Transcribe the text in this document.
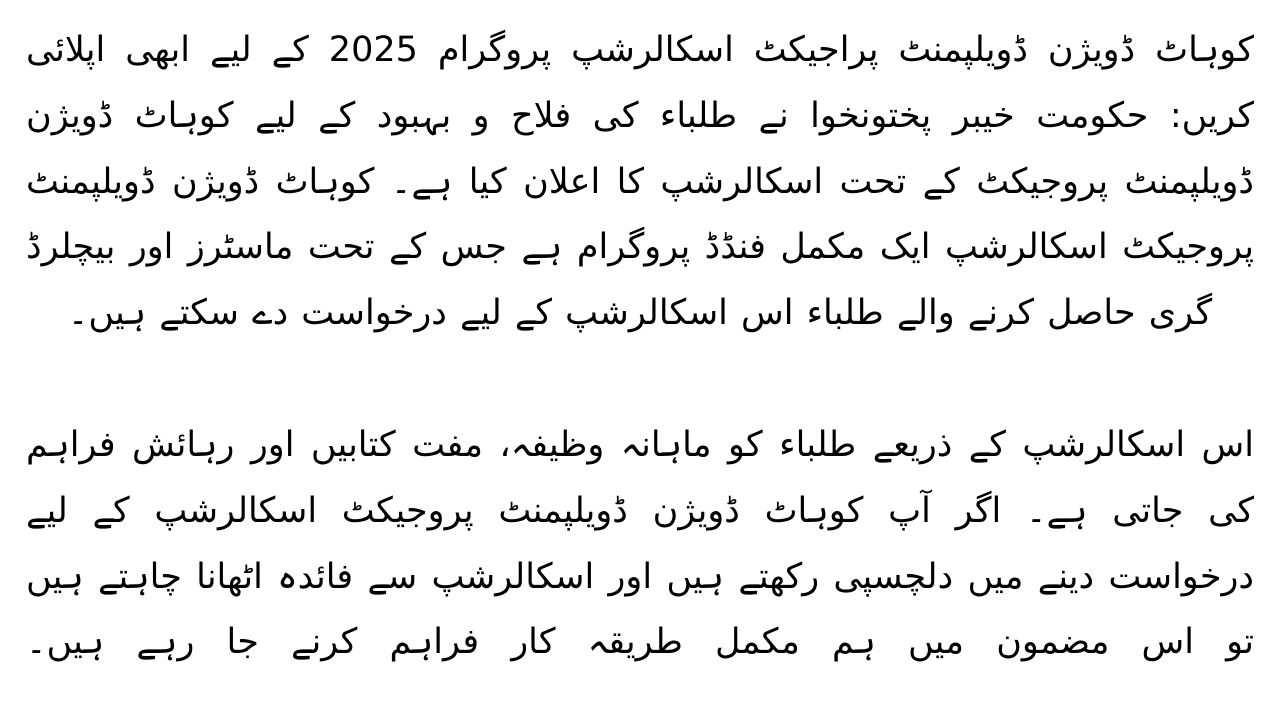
کوہاٹ ڈویژن ڈویلپمنٹ پراجیکٹ اسکالرشپ پروگرام 2025 کے لیے ابھی اپلائی کریں: حکومت خیبر پختونخوا نے طلباء کی فلاح و بہبود کے لیے کوہاٹ ڈویژن ڈویلپمنٹ پروجیکٹ کے تحت اسکالرشپ کا اعلان کیا ہے۔ کوہاٹ ڈویژن ڈویلپمنٹ پروجیکٹ اسکالرشپ ایک مکمل فنڈڈ پروگرام ہے جس کے تحت ماسٹرز اور بیچلرڈ گری حاصل کرنے والے طلباء اس اسکالرشپ کے لیے درخواست دے سکتے ہیں۔

اس اسکالرشپ کے ذریعے طلباء کو ماہانہ وظیفہ، مفت کتابیں اور رہائش فراہم کی جاتی ہے۔ اگر آپ کوہاٹ ڈویژن ڈویلپمنٹ پروجیکٹ اسکالرشپ کے لیے درخواست دینے میں دلچسپی رکھتے ہیں اور اسکالرشپ سے فائدہ اٹھانا چاہتے ہیں تو اس مضمون میں ہم مکمل طریقہ کار فراہم کرنے جا رہے ہیں۔
